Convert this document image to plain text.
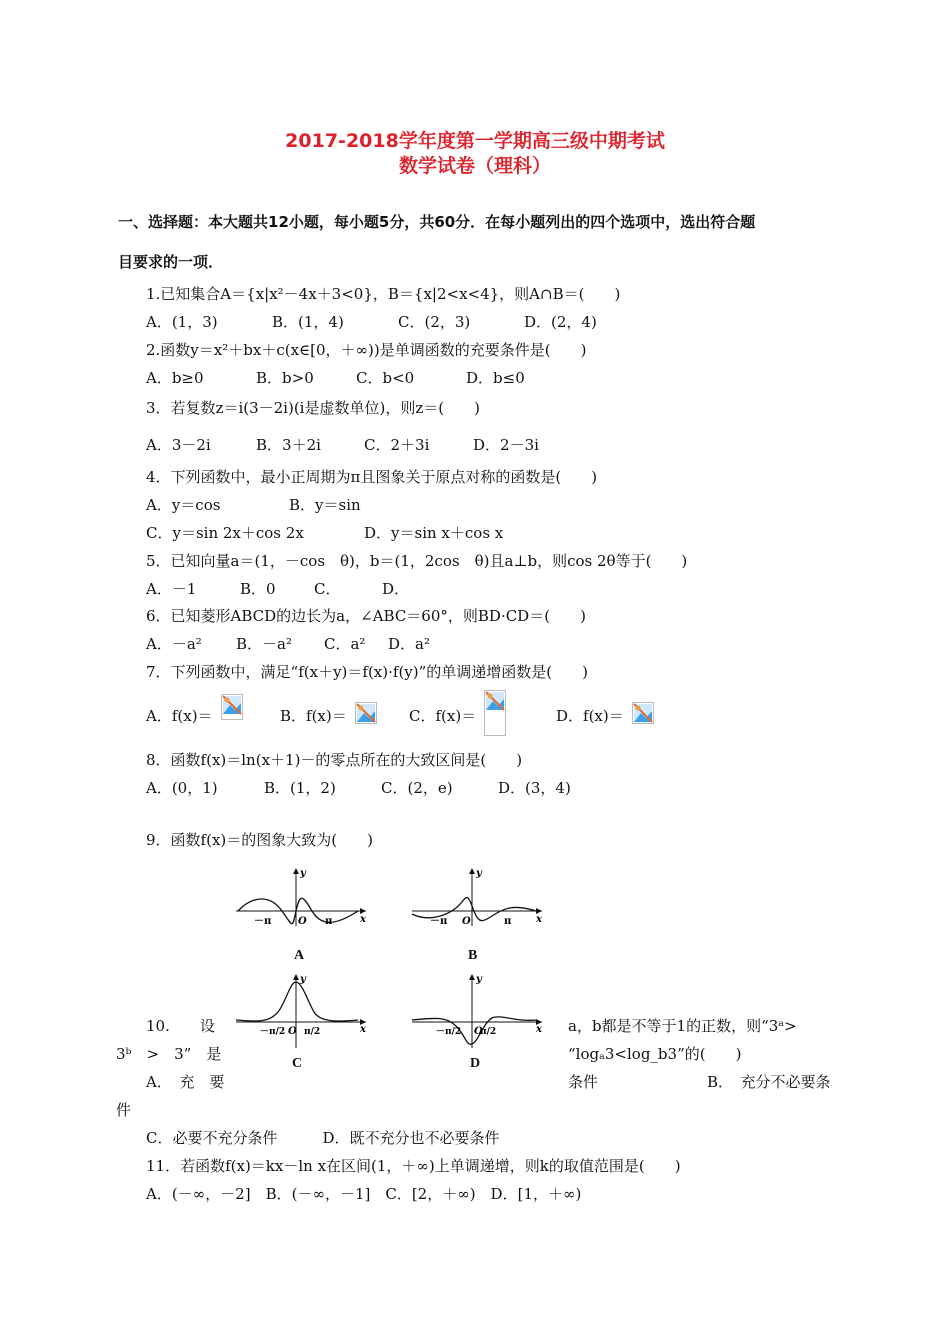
2017-2018学年度第一学期高三级中期考试
数学试卷（理科）
一、选择题：本大题共12小题，每小题5分，共60分．在每小题列出的四个选项中，选出符合题
目要求的一项．
1.已知集合A＝{x|x²－4x＋3<0}，B＝{x|2<x<4}，则A∩B＝(　　)
A．(1，3)	B．(1，4)	C．(2，3)	D．(2，4)
2.函数y＝x²＋bx＋c(x∈[0，＋∞))是单调函数的充要条件是(　　)
A．b≥0	B．b>0	C．b<0	D．b≤0
3．若复数z＝i(3－2i)(i是虚数单位)，则z＝(　　)
A．3－2i	B．3＋2i	C．2＋3i	D．2－3i
4．下列函数中，最小正周期为π且图象关于原点对称的函数是(　　)
A．y＝cos	B．y＝sin
C．y＝sin 2x＋cos 2x	D．y＝sin x＋cos x
5．已知向量a＝(1，－cos　θ)，b＝(1，2cos　θ)且a⊥b，则cos 2θ等于(　　)
A．－1	B．0	C．	D．
6．已知菱形ABCD的边长为a，∠ABC＝60°，则BD·CD＝(　　)
A．－a² B．－a² C．a² D．a²
7．下列函数中，满足“f(x＋y)＝f(x)·f(y)”的单调递增函数是(　　)
A．f(x)＝	B．f(x)＝	C．f(x)＝	D．f(x)＝
8．函数f(x)＝ln(x＋1)－的零点所在的大致区间是(　　)
A．(0，1)	B．(1，2)	C．(2，e)	D．(3，4)
9．函数f(x)＝的图象大致为(　　)
y
x
O
－π	π
A
y
x
O
－π	π
B
y
x
O
－π/2 π/2
C
y
x
O
－π/2 π/2
D
10.　　设	a，b都是不等于1的正数，则“3ᵃ>
3ᵇ　>　3”　是	“logₐ3<log_b3”的(　　)
A．　充　要	条件	B．　充分不必要条
件
C．必要不充分条件　　　D．既不充分也不必要条件
11．若函数f(x)＝kx－ln x在区间(1，＋∞)上单调递增，则k的取值范围是(　　)
A．(－∞，－2]　B．(－∞，－1]　C．[2，＋∞)　D．[1，＋∞)
